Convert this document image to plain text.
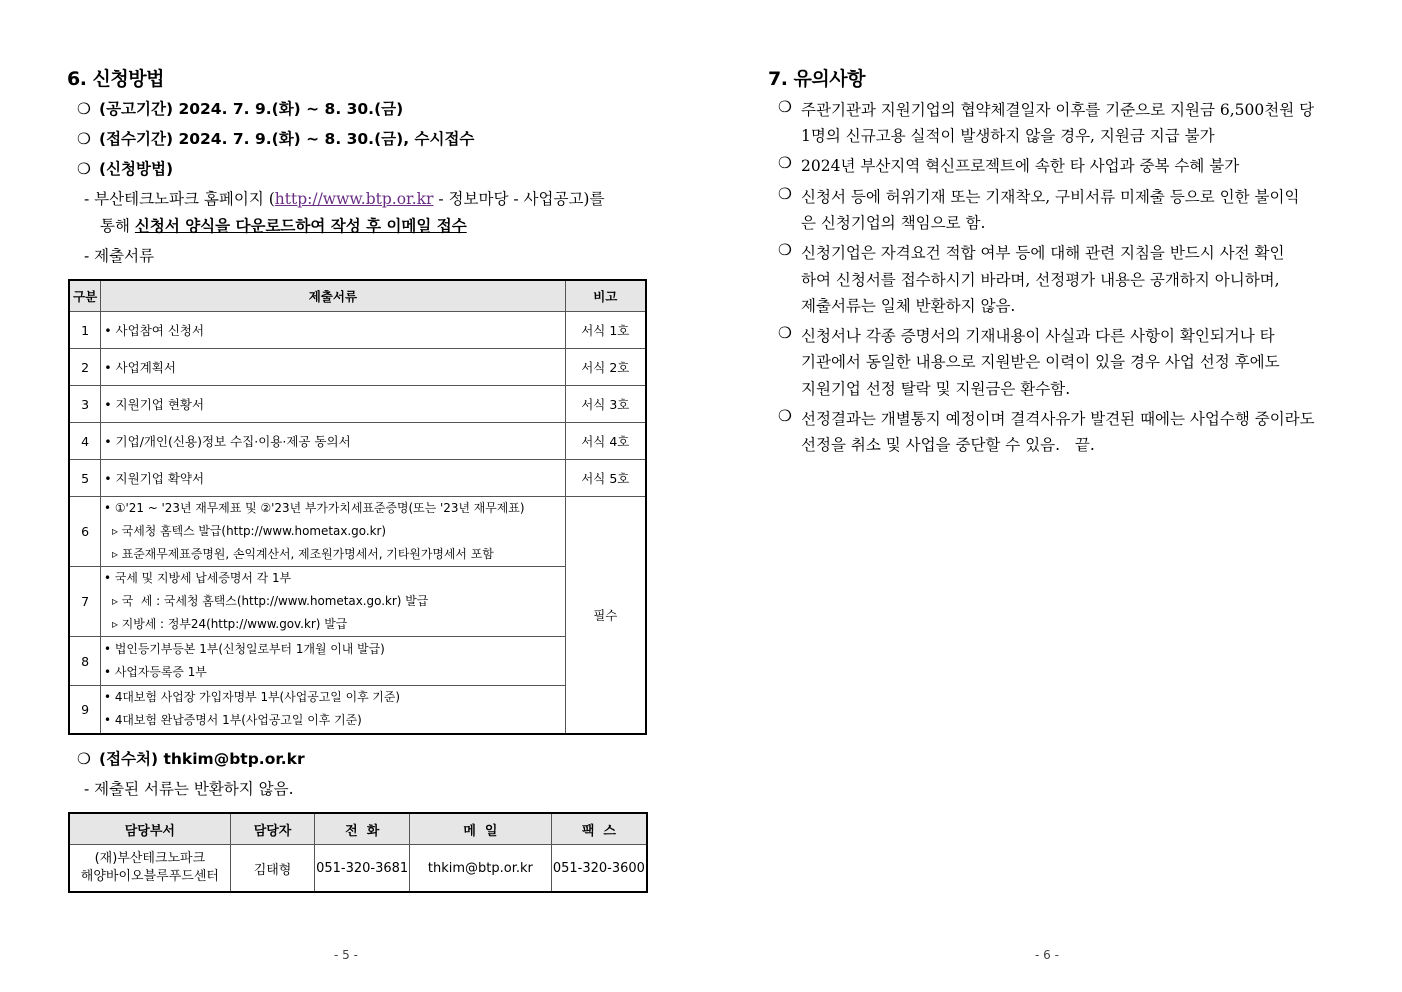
6. 신청방법
❍ (공고기간) 2024. 7. 9.(화) ~ 8. 30.(금)
❍ (접수기간) 2024. 7. 9.(화) ~ 8. 30.(금), 수시접수
❍ (신청방법)
- 부산테크노파크 홈페이지 (http://www.btp.or.kr - 정보마당 - 사업공고)를
통해 신청서 양식을 다운로드하여 작성 후 이메일 접수
- 제출서류
구분	제출서류	비고
1	• 사업참여 신청서	서식 1호
2	• 사업계획서	서식 2호
3	• 지원기업 현황서	서식 3호
4	• 기업/개인(신용)정보 수집·이용·제공 동의서	서식 4호
5	• 지원기업 확약서	서식 5호
6	• ①'21 ~ '23년 재무제표 및 ②'23년 부가가치세표준증명(또는 '23년 재무제표)
▹ 국세청 홈텍스 발급(http://www.hometax.go.kr)
▹ 표준재무제표증명원, 손익계산서, 제조원가명세서, 기타원가명세서 포함	필수
7	• 국세 및 지방세 납세증명서 각 1부
▹ 국  세 : 국세청 홈택스(http://www.hometax.go.kr) 발급
▹ 지방세 : 정부24(http://www.gov.kr) 발급	

8	• 법인등기부등본 1부(신청일로부터 1개월 이내 발급)
• 사업자등록증 1부	

9	• 4대보험 사업장 가입자명부 1부(사업공고일 이후 기준)
• 4대보험 완납증명서 1부(사업공고일 이후 기준)	
❍ (접수처) thkim@btp.or.kr
- 제출된 서류는 반환하지 않음.
담당부서	담당자	전  화	메  일	팩  스

(재)부산테크노파크
해양바이오블루푸드센터	김태형	051-320-3681	thkim@btp.or.kr	051-320-3600
- 5 -
7. 유의사항
❍ 주관기관과 지원기업의 협약체결일자 이후를 기준으로 지원금 6,500천원 당
1명의 신규고용 실적이 발생하지 않을 경우, 지원금 지급 불가
❍ 2024년 부산지역 혁신프로젝트에 속한 타 사업과 중복 수혜 불가
❍ 신청서 등에 허위기재 또는 기재착오, 구비서류 미제출 등으로 인한 불이익
은 신청기업의 책임으로 함.
❍ 신청기업은 자격요건 적합 여부 등에 대해 관련 지침을 반드시 사전 확인
하여 신청서를 접수하시기 바라며, 선정평가 내용은 공개하지 아니하며,
제출서류는 일체 반환하지 않음.
❍ 신청서나 각종 증명서의 기재내용이 사실과 다른 사항이 확인되거나 타
기관에서 동일한 내용으로 지원받은 이력이 있을 경우 사업 선정 후에도
지원기업 선정 탈락 및 지원금은 환수함.
❍ 선정결과는 개별통지 예정이며 결격사유가 발견된 때에는 사업수행 중이라도
선정을 취소 및 사업을 중단할 수 있음.   끝.
- 6 -
